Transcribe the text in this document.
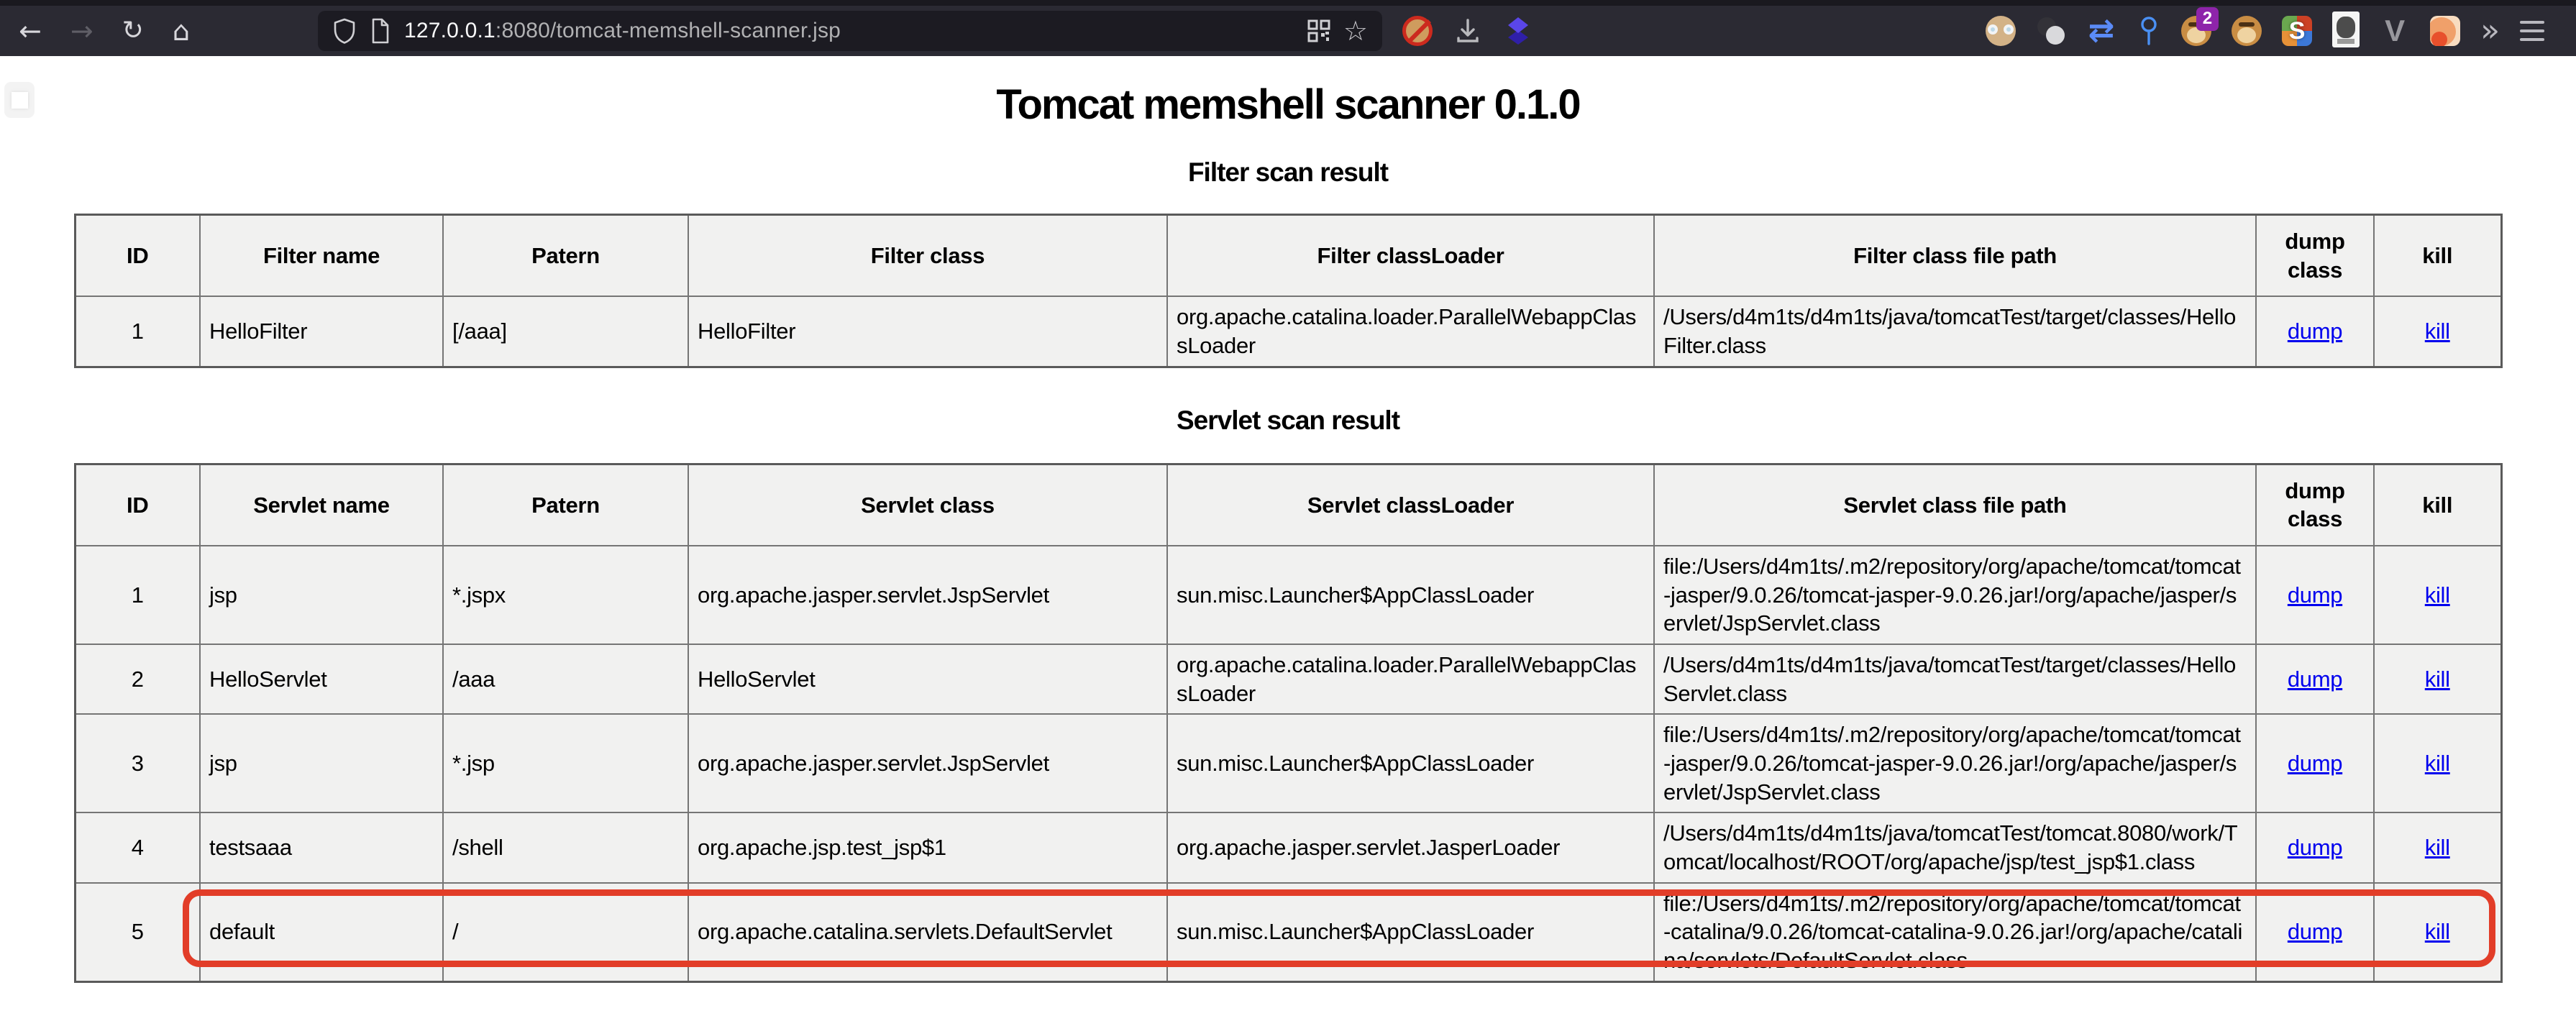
← → ↻ ⌂	127.0.0.1:8080/tomcat-memshell-scanner.jsp	☆	⇄	2	S	V »
Tomcat memshell scanner 0.1.0
Filter scan result
ID	Filter name	Patern	Filter class	Filter classLoader	Filter class file path	dump class	kill
1	HelloFilter	[/aaa]	HelloFilter	org.apache.catalina.loader.ParallelWebappClassLoader	/Users/d4m1ts/d4m1ts/java/tomcatTest/target/classes/HelloFilter.class	dump	kill
Servlet scan result
ID	Servlet name	Patern	Servlet class	Servlet classLoader	Servlet class file path	dump class	kill
1	jsp	*.jspx	org.apache.jasper.servlet.JspServlet	sun.misc.Launcher$AppClassLoader	file:/Users/d4m1ts/.m2/repository/org/apache/tomcat/tomcat-jasper/9.0.26/tomcat-jasper-9.0.26.jar!/org/apache/jasper/servlet/JspServlet.class	dump	kill
2	HelloServlet	/aaa	HelloServlet	org.apache.catalina.loader.ParallelWebappClassLoader	/Users/d4m1ts/d4m1ts/java/tomcatTest/target/classes/HelloServlet.class	dump	kill
3	jsp	*.jsp	org.apache.jasper.servlet.JspServlet	sun.misc.Launcher$AppClassLoader	file:/Users/d4m1ts/.m2/repository/org/apache/tomcat/tomcat-jasper/9.0.26/tomcat-jasper-9.0.26.jar!/org/apache/jasper/servlet/JspServlet.class	dump	kill
4	testsaaa	/shell	org.apache.jsp.test_jsp$1	org.apache.jasper.servlet.JasperLoader	/Users/d4m1ts/d4m1ts/java/tomcatTest/tomcat.8080/work/Tomcat/localhost/ROOT/org/apache/jsp/test_jsp$1.class	dump	kill
5	default	/	org.apache.catalina.servlets.DefaultServlet	sun.misc.Launcher$AppClassLoader	file:/Users/d4m1ts/.m2/repository/org/apache/tomcat/tomcat-catalina/9.0.26/tomcat-catalina-9.0.26.jar!/org/apache/catalina/servlets/DefaultServlet.class	dump	kill
